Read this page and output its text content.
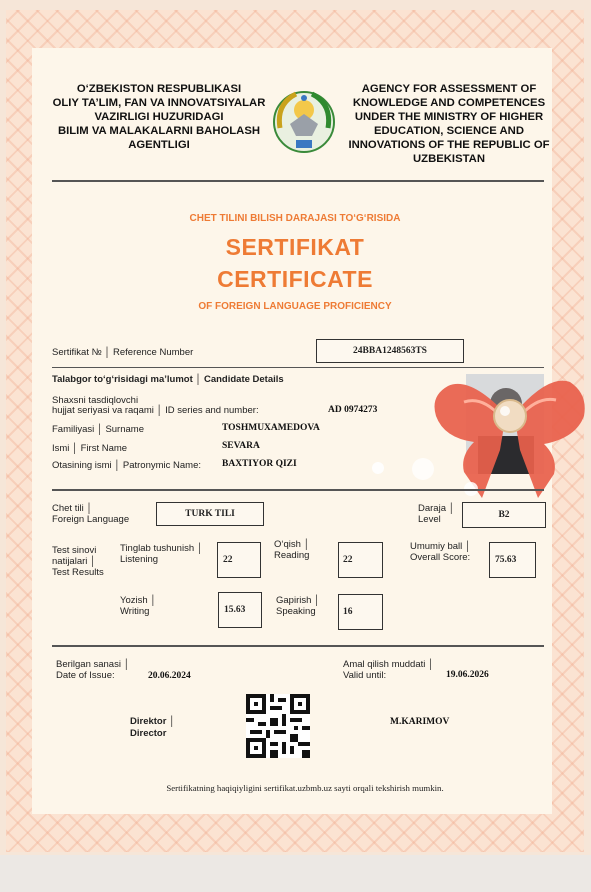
O‘ZBEKISTON RESPUBLIKASI
OLIY TA’LIM, FAN VA INNOVATSIYALAR
VAZIRLIGI HUZURIDAGI
BILIM VA MALAKALARNI BAHOLASH
AGENTLIGI
AGENCY FOR ASSESSMENT OF
KNOWLEDGE AND COMPETENCES
UNDER THE MINISTRY OF HIGHER
EDUCATION, SCIENCE AND
INNOVATIONS OF THE REPUBLIC OF
UZBEKISTAN
CHET TILINI BILISH DARAJASI TO‘G‘RISIDA
SERTIFIKAT
CERTIFICATE
OF FOREIGN LANGUAGE PROFICIENCY
Sertifikat № │ Reference Number	24BBA1248563TS
Talabgor to‘g‘risidagi ma’lumot │ Candidate Details
Shaxsni tasdiqlovchi
hujjat seriyasi va raqami │ ID series and number:	AD 0974273
Familiyasi │ Surname	TOSHMUXAMEDOVA
Ismi │ First Name	SEVARA
Otasining ismi │ Patronymic Name: BAXTIYOR QIZI
Chet tili │
Foreign Language	TURK TILI	Darajа │
Level	B2
Test sinovi
natijalari │
Test Results
Tinglab tushunish │
Listening	22
O‘qish │
Reading	22
Umumiy ball │
Overall Score:	75.63
Yozish │
Writing	15.63
Gapirish │
Speaking	16
Berilgan sanasi │
Date of Issue:	20.06.2024
Amal qilish muddati │
Valid until:	19.06.2026
Direktor │
Director
M.KARIMOV
Sertifikatning haqiqiyligini sertifikat.uzbmb.uz sayti orqali tekshirish mumkin.
